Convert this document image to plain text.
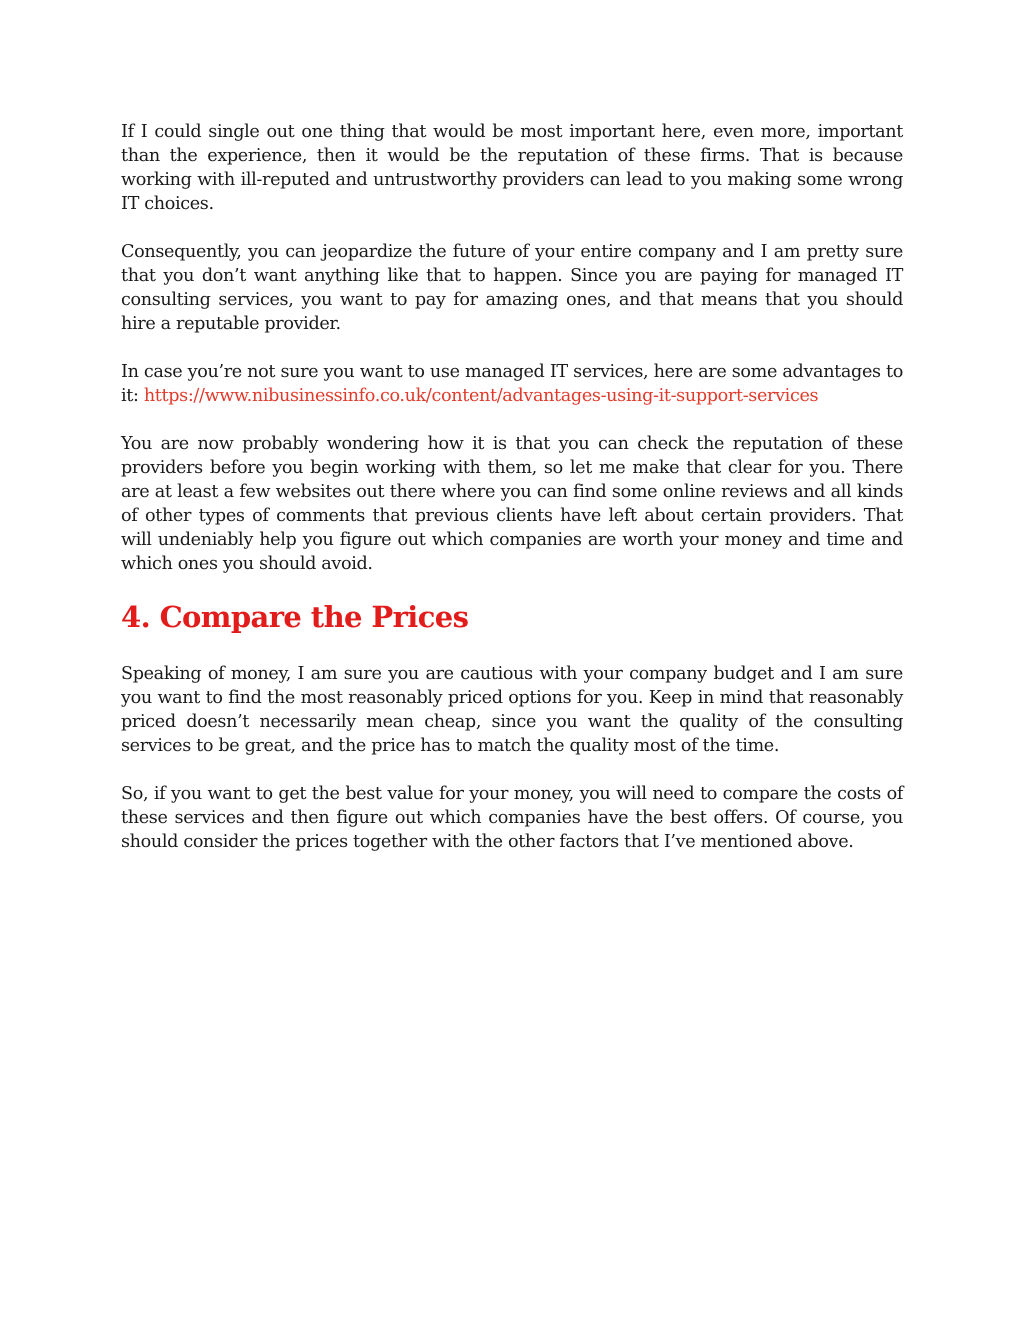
If I could single out one thing that would be most important here, even more, important than the experience, then it would be the reputation of these firms. That is because working with ill-reputed and untrustworthy providers can lead to you making some wrong IT choices.

Consequently, you can jeopardize the future of your entire company and I am pretty sure that you don’t want anything like that to happen. Since you are paying for managed IT consulting services, you want to pay for amazing ones, and that means that you should hire a reputable provider.

In case you’re not sure you want to use managed IT services, here are some advantages to it: https://www.nibusinessinfo.co.uk/content/advantages-using-it-support-services

You are now probably wondering how it is that you can check the reputation of these providers before you begin working with them, so let me make that clear for you. There are at least a few websites out there where you can find some online reviews and all kinds of other types of comments that previous clients have left about certain providers. That will undeniably help you figure out which companies are worth your money and time and which ones you should avoid.

4. Compare the Prices

Speaking of money, I am sure you are cautious with your company budget and I am sure you want to find the most reasonably priced options for you. Keep in mind that reasonably priced doesn’t necessarily mean cheap, since you want the quality of the consulting services to be great, and the price has to match the quality most of the time.

So, if you want to get the best value for your money, you will need to compare the costs of these services and then figure out which companies have the best offers. Of course, you should consider the prices together with the other factors that I’ve mentioned above.
